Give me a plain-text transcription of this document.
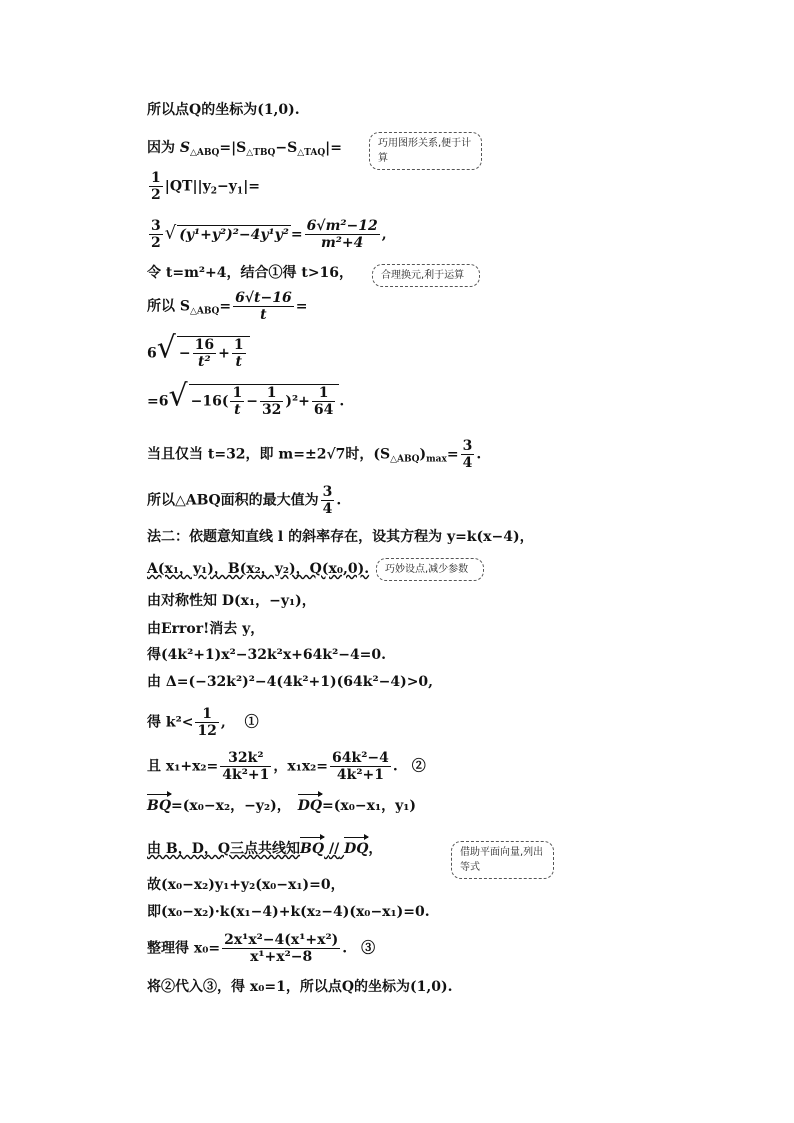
所以点Q的坐标为(1,0).
因为 $S_{\triangle ABQ}=|S_{\triangle TBQ}-S_{\triangle TAQ}|=$	巧用图形关系,便于计算
$\frac{1}{2} |QT||y_2-y_1|=$
$\frac{3}{2}$ √ $(y^1+y^2)^2-4y^1y^2 = \frac{\text{6√m²−12}}{\text{m²+4}}$ ,
令 t=m²+4，结合①得 t>16，	合理换元,利于运算
所以 $S_{\triangle ABQ}= \frac{6√t-16}{t}$ =
$6√ - \frac{16}{\text{t²}} + \frac{1}{t}$
$=6√ -16( \frac{1}{t} - \frac{1}{32} )^2+ \frac{1}{64}$ .
当且仅当 t=32，即 m=±2√7时，$(S_{\triangle ABQ})_{max}= \frac{3}{4}$ .
所以△ABQ面积的最大值为 $\frac{3}{4}$ .
法二：依题意知直线 l 的斜率存在，设其方程为 y=k(x−4)，
A(x₁，y₁)，B(x₂，y₂)，Q(x₀,0).	巧妙设点,减少参数
由对称性知 D(x₁，−y₁)，
由Error!消去 y，
得(4k²+1)x²−32k²x+64k²−4=0.
由 Δ=(−32k²)²−4(4k²+1)(64k²−4)>0,
得 $k^2< \frac{1}{12}$ ,　 ①
且 $x_1+x_2= \frac{\text{32k²}}{\text{4k²+1}}$ ，$x_1x_2= \frac{\text{64k²−4}}{\text{4k²+1}}$ .　②
BQ=(x₀−x₂，−y₂)，　DQ=(x₀−x₁，y₁)
由 B，D，Q三点共线知BQ // DQ，	借助平面向量,列出等式
故(x₀−x₂)y₁+y₂(x₀−x₁)=0，
即(x₀−x₂)·k(x₁−4)+k(x₂−4)(x₀−x₁)=0.
整理得 $x_0= \frac{\text{2x¹x²−4(x¹+x²)}}{\text{x¹+x²−8}}$ .　③
将②代入③，得 x₀=1，所以点Q的坐标为(1,0).
